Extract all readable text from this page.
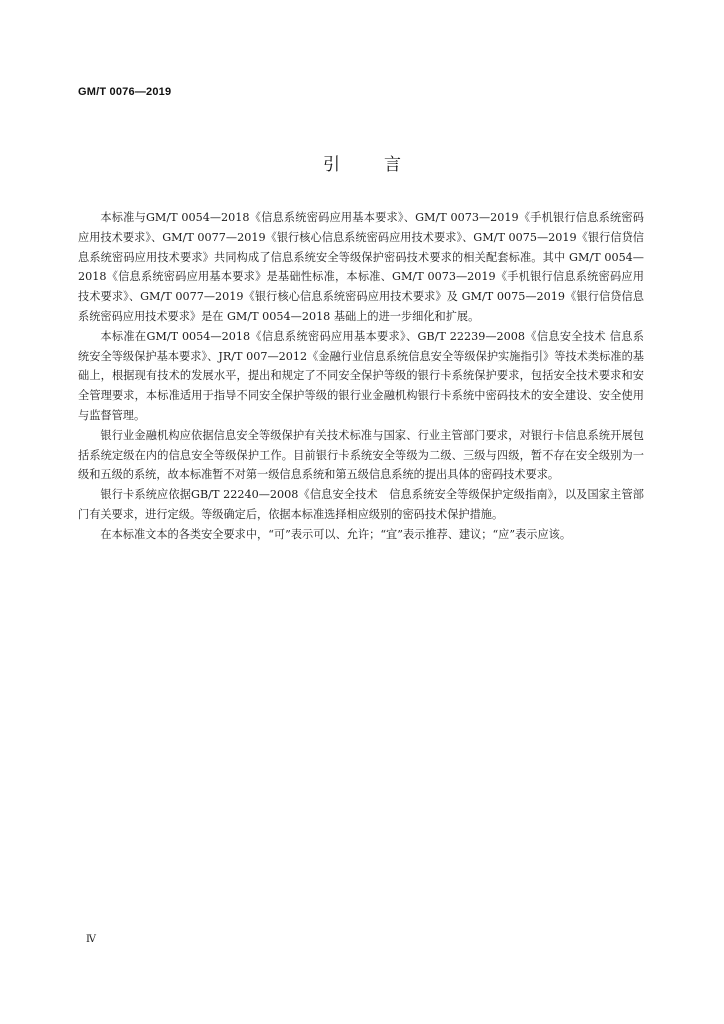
GM/T 0076—2019
引言

本标准与GM/T 0054—2018《信息系统密码应用基本要求》、GM/T 0073—2019《手机银行信息系统密码应用技术要求》、GM/T 0077—2019《银行核心信息系统密码应用技术要求》、GM/T 0075—2019《银行信贷信息系统密码应用技术要求》共同构成了信息系统安全等级保护密码技术要求的相关配套标准。其中 GM/T 0054—2018《信息系统密码应用基本要求》是基础性标准，本标准、GM/T 0073—2019《手机银行信息系统密码应用技术要求》、GM/T 0077—2019《银行核心信息系统密码应用技术要求》及 GM/T 0075—2019《银行信贷信息系统密码应用技术要求》是在 GM/T 0054—2018 基础上的进一步细化和扩展。

本标准在GM/T 0054—2018《信息系统密码应用基本要求》、GB/T 22239—2008《信息安全技术 信息系统安全等级保护基本要求》、JR/T 007—2012《金融行业信息系统信息安全等级保护实施指引》等技术类标准的基础上，根据现有技术的发展水平，提出和规定了不同安全保护等级的银行卡系统保护要求，包括安全技术要求和安全管理要求，本标准适用于指导不同安全保护等级的银行业金融机构银行卡系统中密码技术的安全建设、安全使用与监督管理。

银行业金融机构应依据信息安全等级保护有关技术标准与国家、行业主管部门要求，对银行卡信息系统开展包括系统定级在内的信息安全等级保护工作。目前银行卡系统安全等级为二级、三级与四级，暂不存在安全级别为一级和五级的系统，故本标准暂不对第一级信息系统和第五级信息系统的提出具体的密码技术要求。

银行卡系统应依据GB/T 22240—2008《信息安全技术　信息系统安全等级保护定级指南》，以及国家主管部门有关要求，进行定级。等级确定后，依据本标准选择相应级别的密码技术保护措施。

在本标准文本的各类安全要求中，“可”表示可以、允许；“宜”表示推荐、建议；“应”表示应该。

Ⅳ
